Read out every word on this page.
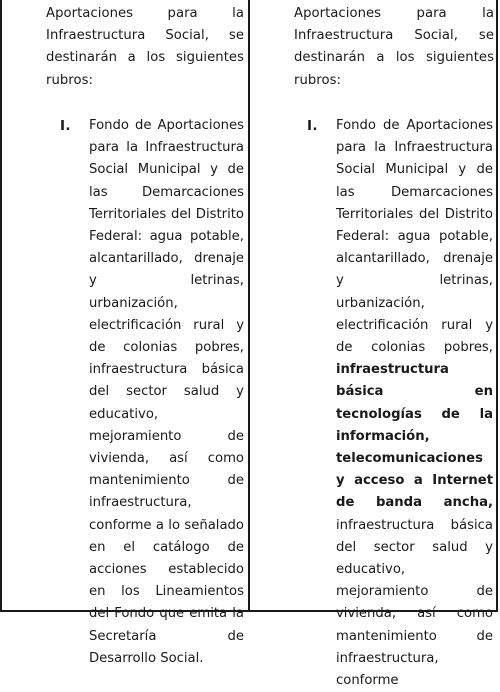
Aportaciones para la Infraestructura Social, se destinarán a los siguientes rubros:
I. Fondo de Aportaciones para la Infraestructura Social Municipal y de las Demarcaciones Territoriales del Distrito Federal: agua potable, alcantarillado, drenaje y letrinas, urbanización, electrificación rural y de colonias pobres, infraestructura básica del sector salud y educativo, mejoramiento de vivienda, así como mantenimiento de infraestructura, conforme a lo señalado en el catálogo de acciones establecido en los Lineamientos del Fondo que emita la Secretaría de Desarrollo Social.
Aportaciones para la Infraestructura Social, se destinarán a los siguientes rubros:
I. Fondo de Aportaciones para la Infraestructura Social Municipal y de las Demarcaciones Territoriales del Distrito Federal: agua potable, alcantarillado, drenaje y letrinas, urbanización, electrificación rural y de colonias pobres, infraestructura básica en tecnologías de la información, telecomunicaciones y acceso a Internet de banda ancha, infraestructura básica del sector salud y educativo, mejoramiento de vivienda, así como mantenimiento de infraestructura, conforme
